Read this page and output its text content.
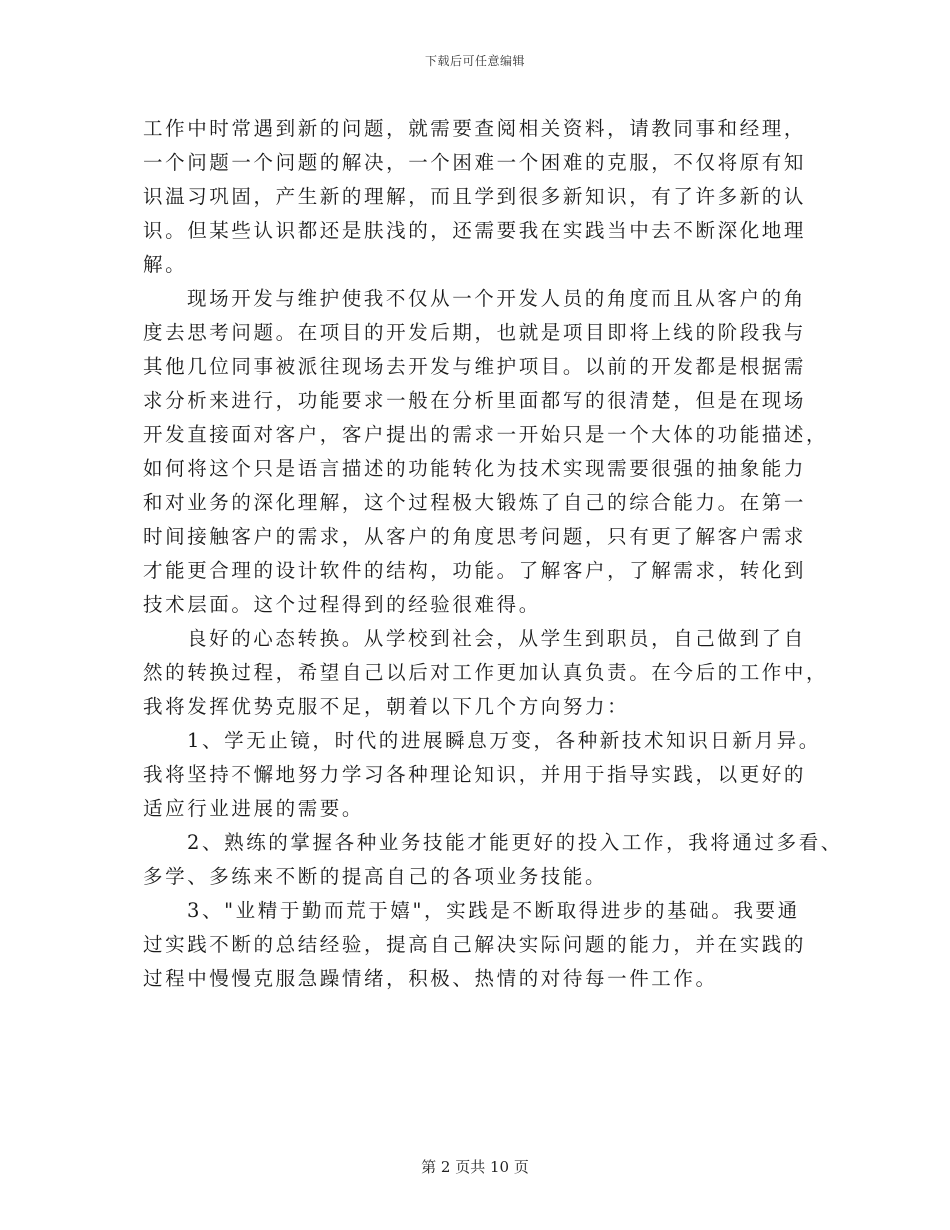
下载后可任意编辑
工作中时常遇到新的问题，就需要查阅相关资料，请教同事和经理，
一个问题一个问题的解决，一个困难一个困难的克服，不仅将原有知
识温习巩固，产生新的理解，而且学到很多新知识，有了许多新的认
识。但某些认识都还是肤浅的，还需要我在实践当中去不断深化地理
解。
现场开发与维护使我不仅从一个开发人员的角度而且从客户的角
度去思考问题。在项目的开发后期，也就是项目即将上线的阶段我与
其他几位同事被派往现场去开发与维护项目。以前的开发都是根据需
求分析来进行，功能要求一般在分析里面都写的很清楚，但是在现场
开发直接面对客户，客户提出的需求一开始只是一个大体的功能描述，
如何将这个只是语言描述的功能转化为技术实现需要很强的抽象能力
和对业务的深化理解，这个过程极大锻炼了自己的综合能力。在第一
时间接触客户的需求，从客户的角度思考问题，只有更了解客户需求
才能更合理的设计软件的结构，功能。了解客户，了解需求，转化到
技术层面。这个过程得到的经验很难得。
良好的心态转换。从学校到社会，从学生到职员，自己做到了自
然的转换过程，希望自己以后对工作更加认真负责。在今后的工作中，
我将发挥优势克服不足，朝着以下几个方向努力：
1、学无止镜，时代的进展瞬息万变，各种新技术知识日新月异。
我将坚持不懈地努力学习各种理论知识，并用于指导实践，以更好的
适应行业进展的需要。
2、熟练的掌握各种业务技能才能更好的投入工作，我将通过多看、
多学、多练来不断的提高自己的各项业务技能。
3、"业精于勤而荒于嬉"，实践是不断取得进步的基础。我要通
过实践不断的总结经验，提高自己解决实际问题的能力，并在实践的
过程中慢慢克服急躁情绪，积极、热情的对待每一件工作。
第 2 页共 10 页
